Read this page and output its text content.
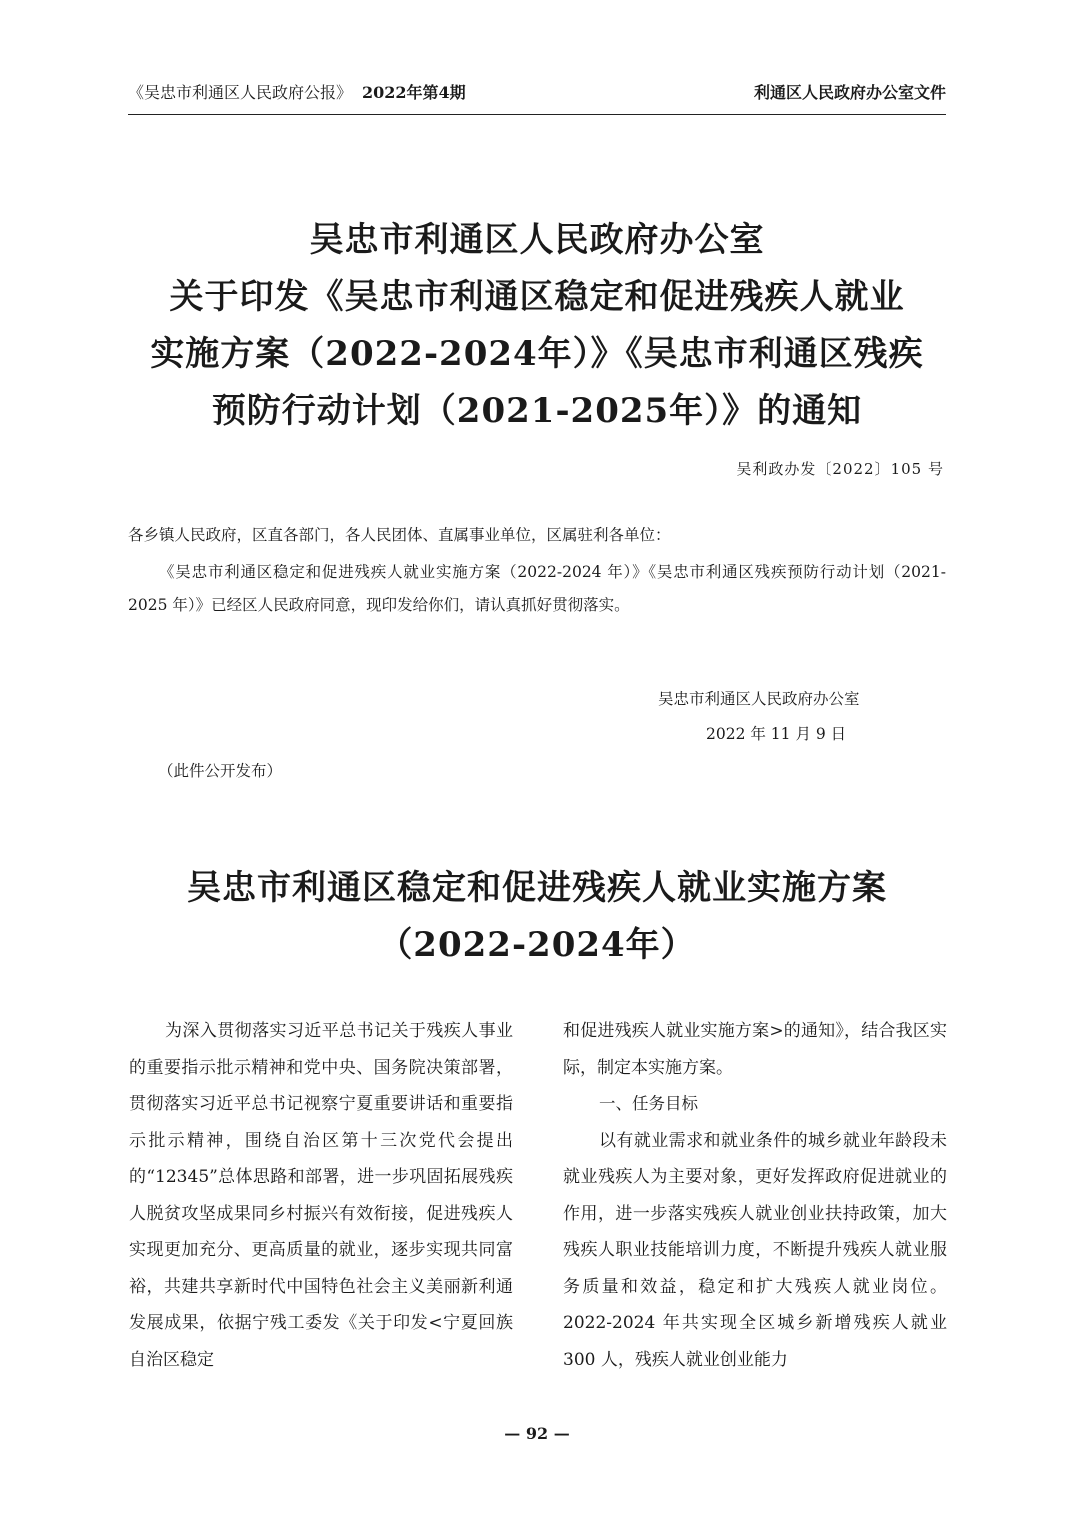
《吴忠市利通区人民政府公报》 2022年第4期	利通区人民政府办公室文件
吴忠市利通区人民政府办公室
关于印发《吴忠市利通区稳定和促进残疾人就业
实施方案（2022-2024年）》《吴忠市利通区残疾
预防行动计划（2021-2025年）》的通知
吴利政办发〔2022〕105 号
各乡镇人民政府，区直各部门，各人民团体、直属事业单位，区属驻利各单位：
《吴忠市利通区稳定和促进残疾人就业实施方案（2022-2024 年）》《吴忠市利通区残疾预防行动计划（2021-2025 年）》已经区人民政府同意，现印发给你们，请认真抓好贯彻落实。
吴忠市利通区人民政府办公室
2022 年 11 月 9 日
（此件公开发布）
吴忠市利通区稳定和促进残疾人就业实施方案
（2022-2024年）

为深入贯彻落实习近平总书记关于残疾人事业的重要指示批示精神和党中央、国务院决策部署，贯彻落实习近平总书记视察宁夏重要讲话和重要指示批示精神，围绕自治区第十三次党代会提出的“12345”总体思路和部署，进一步巩固拓展残疾人脱贫攻坚成果同乡村振兴有效衔接，促进残疾人实现更加充分、更高质量的就业，逐步实现共同富裕，共建共享新时代中国特色社会主义美丽新利通发展成果，依据宁残工委发《关于印发<宁夏回族自治区稳定

和促进残疾人就业实施方案>的通知》，结合我区实际，制定本实施方案。

一、任务目标

以有就业需求和就业条件的城乡就业年龄段未就业残疾人为主要对象，更好发挥政府促进就业的作用，进一步落实残疾人就业创业扶持政策，加大残疾人职业技能培训力度，不断提升残疾人就业服务质量和效益，稳定和扩大残疾人就业岗位。2022-2024 年共实现全区城乡新增残疾人就业 300 人，残疾人就业创业能力

— 92 —
